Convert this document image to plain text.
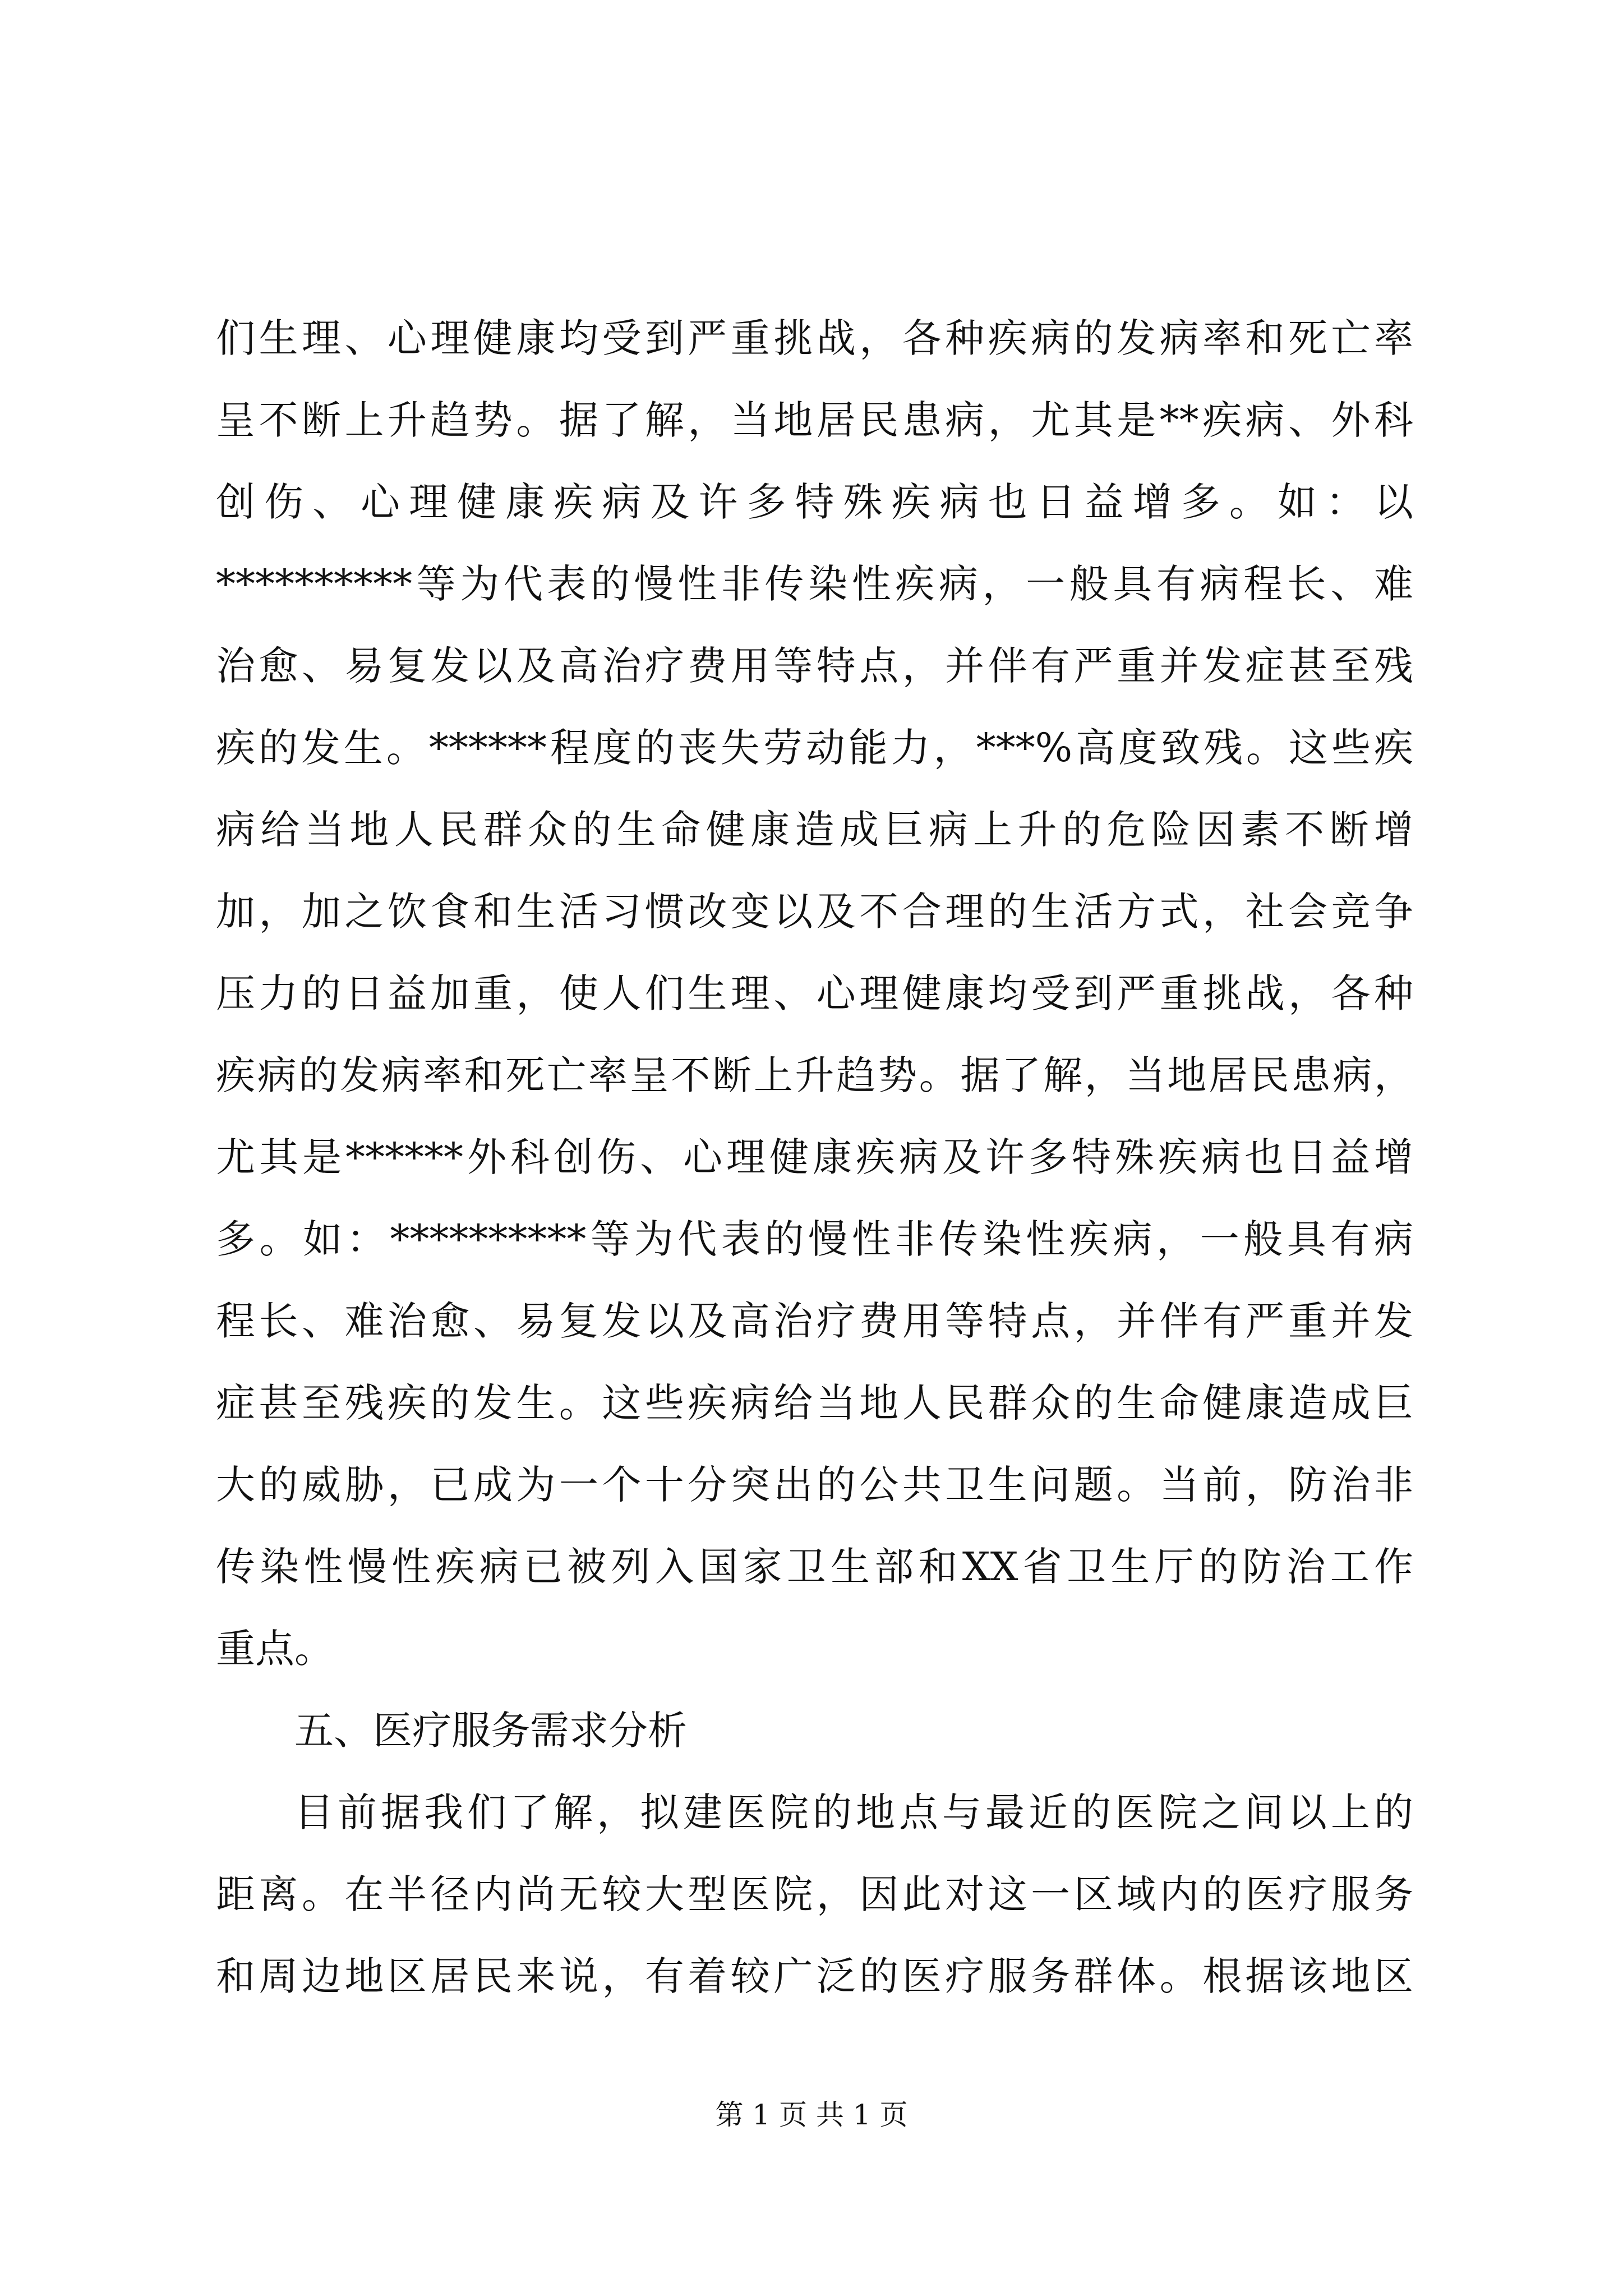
们生理、心理健康均受到严重挑战，各种疾病的发病率和死亡率
呈不断上升趋势。据了解，当地居民患病，尤其是**疾病、外科
创伤、心理健康疾病及许多特殊疾病也日益增多。如：以
**********等为代表的慢性非传染性疾病，一般具有病程长、难
治愈、易复发以及高治疗费用等特点，并伴有严重并发症甚至残
疾的发生。******程度的丧失劳动能力，***%高度致残。这些疾
病给当地人民群众的生命健康造成巨病上升的危险因素不断增
加，加之饮食和生活习惯改变以及不合理的生活方式，社会竞争
压力的日益加重，使人们生理、心理健康均受到严重挑战，各种
疾病的发病率和死亡率呈不断上升趋势。据了解，当地居民患病，
尤其是******外科创伤、心理健康疾病及许多特殊疾病也日益增
多。如：**********等为代表的慢性非传染性疾病，一般具有病
程长、难治愈、易复发以及高治疗费用等特点，并伴有严重并发
症甚至残疾的发生。这些疾病给当地人民群众的生命健康造成巨
大的威胁，已成为一个十分突出的公共卫生问题。当前，防治非
传染性慢性疾病已被列入国家卫生部和XX省卫生厅的防治工作
重点。
五、医疗服务需求分析
目前据我们了解，拟建医院的地点与最近的医院之间以上的
距离。在半径内尚无较大型医院，因此对这一区域内的医疗服务
和周边地区居民来说，有着较广泛的医疗服务群体。根据该地区
第 1 页 共 1 页
